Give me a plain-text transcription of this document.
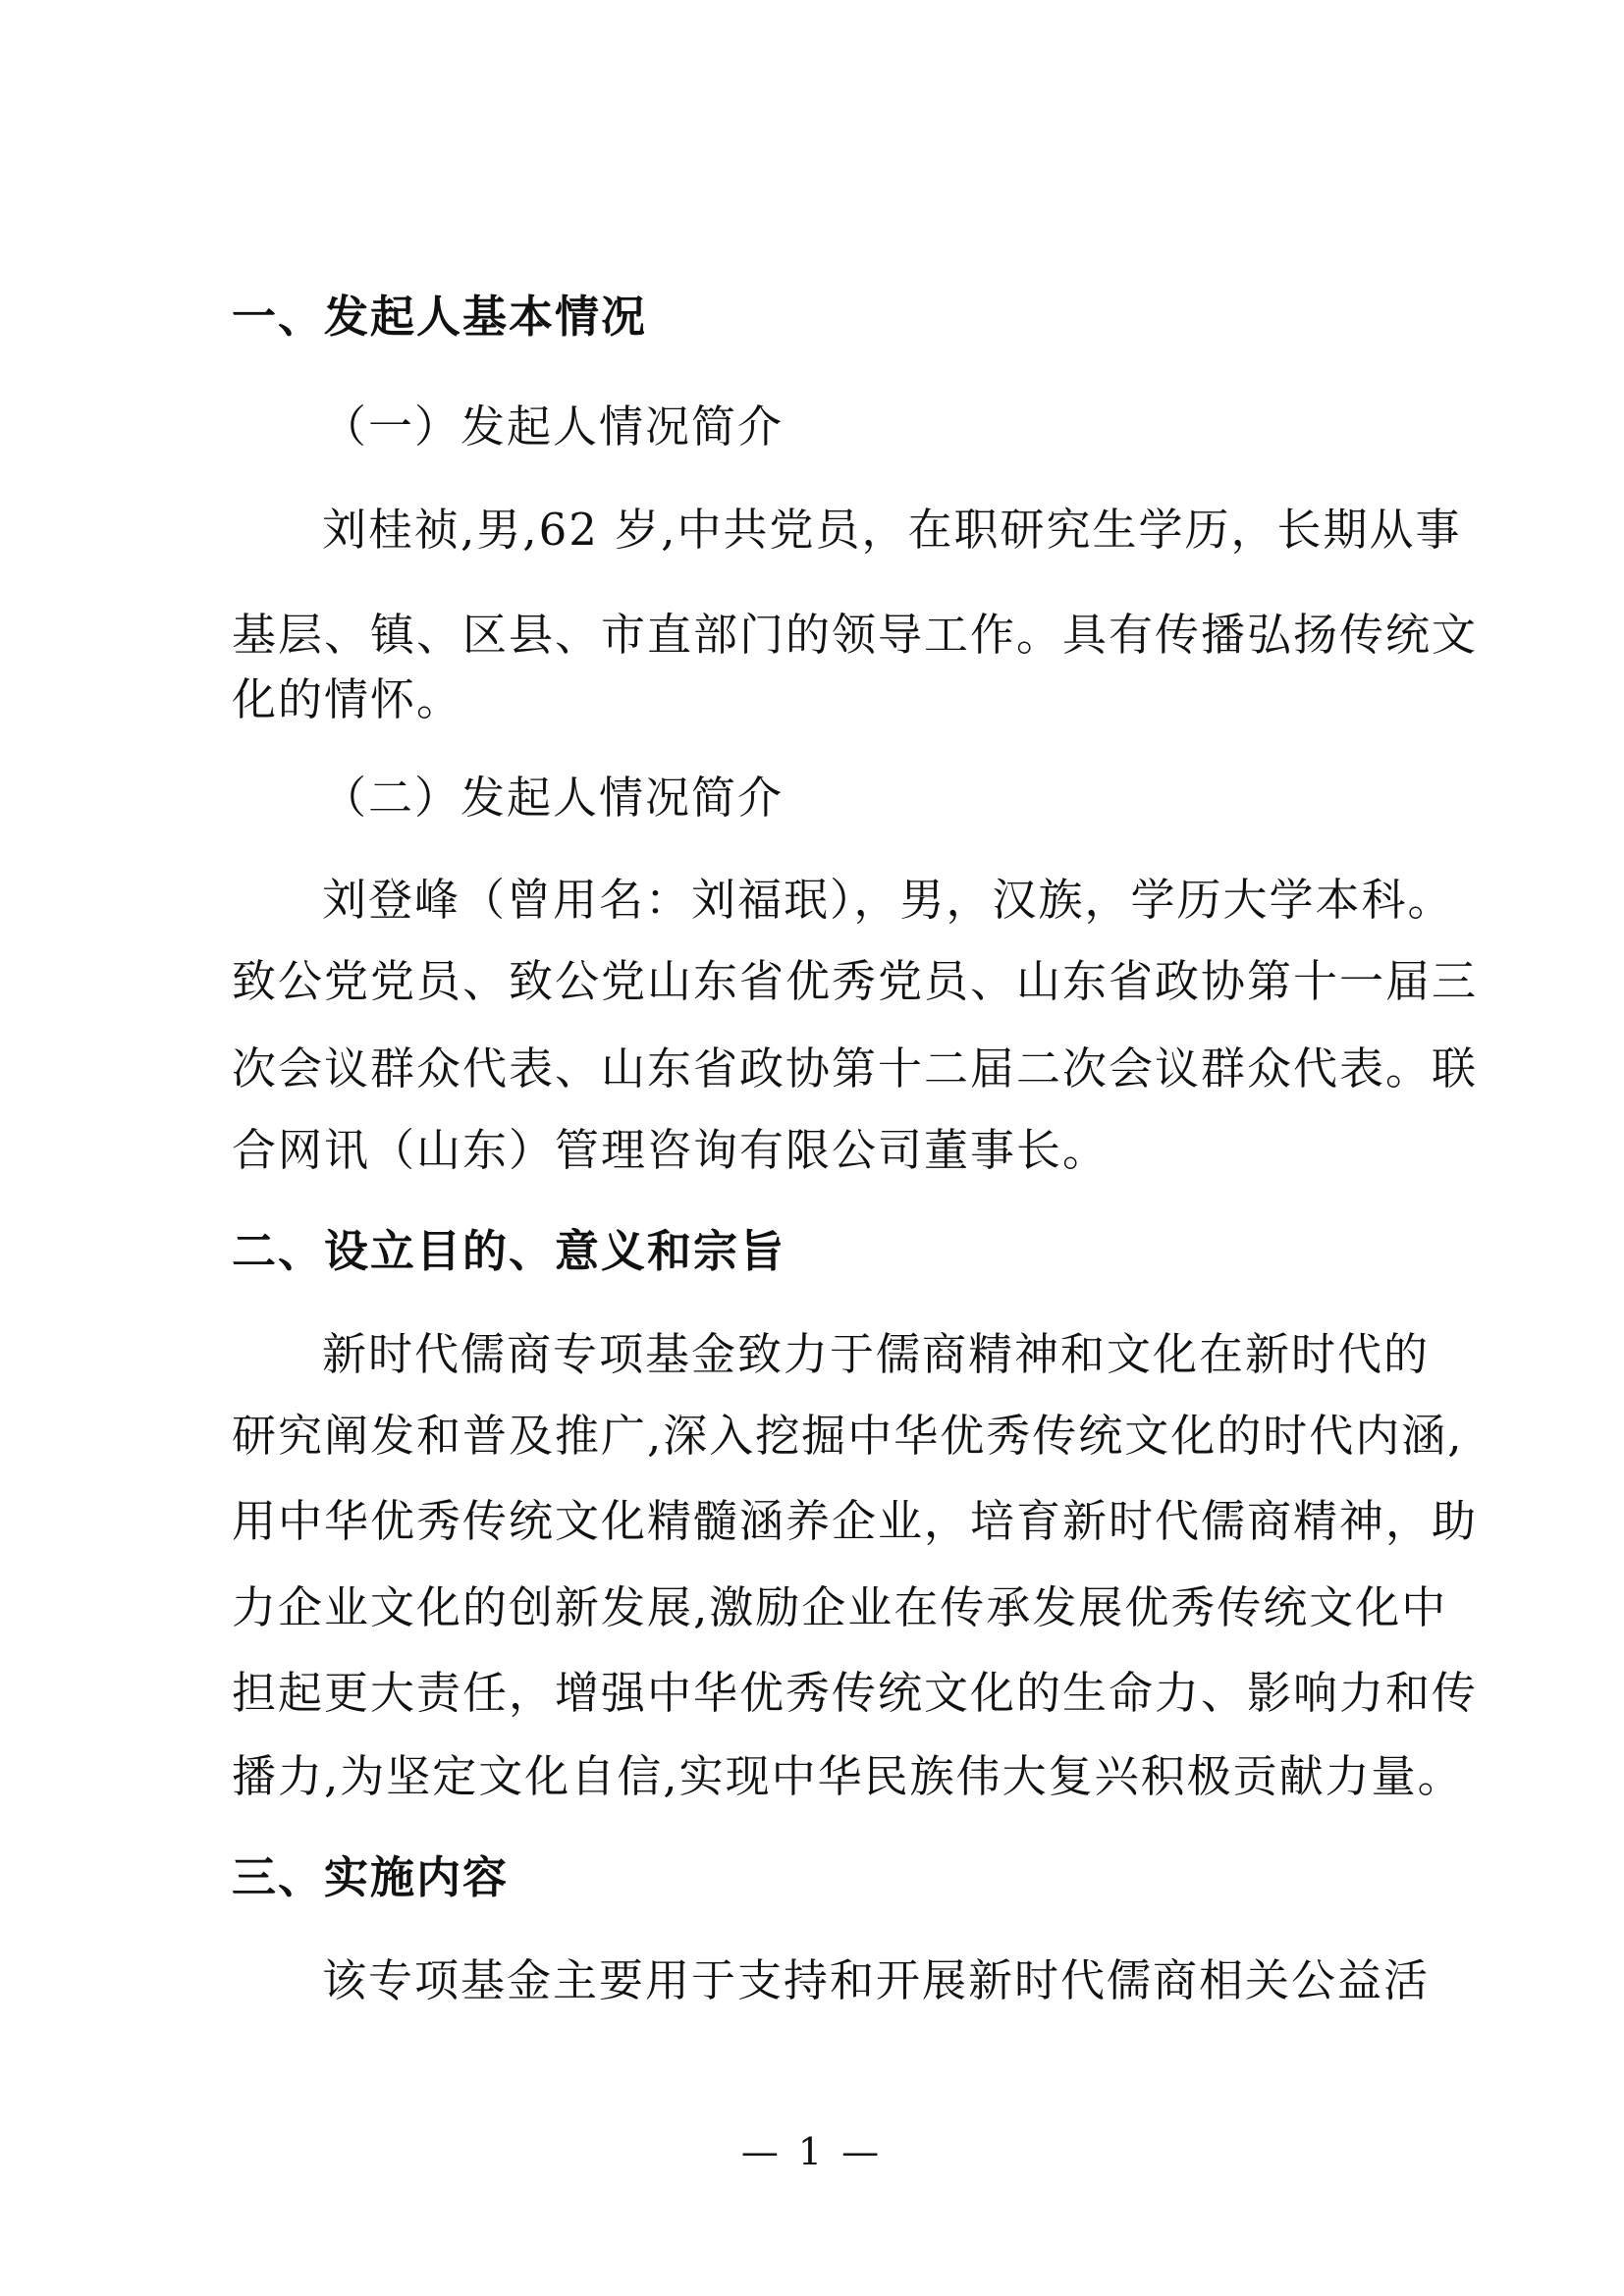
一、发起人基本情况
（一）发起人情况简介
刘桂祯,男,62 岁,中共党员，在职研究生学历，长期从事
基层、镇、区县、市直部门的领导工作。具有传播弘扬传统文
化的情怀。
（二）发起人情况简介
刘登峰（曾用名：刘福珉），男，汉族，学历大学本科。
致公党党员、致公党山东省优秀党员、山东省政协第十一届三
次会议群众代表、山东省政协第十二届二次会议群众代表。联
合网讯（山东）管理咨询有限公司董事长。
二、设立目的、意义和宗旨
新时代儒商专项基金致力于儒商精神和文化在新时代的
研究阐发和普及推广,深入挖掘中华优秀传统文化的时代内涵,
用中华优秀传统文化精髓涵养企业，培育新时代儒商精神，助
力企业文化的创新发展,激励企业在传承发展优秀传统文化中
担起更大责任，增强中华优秀传统文化的生命力、影响力和传
播力,为坚定文化自信,实现中华民族伟大复兴积极贡献力量。
三、实施内容
该专项基金主要用于支持和开展新时代儒商相关公益活
— 1 —
